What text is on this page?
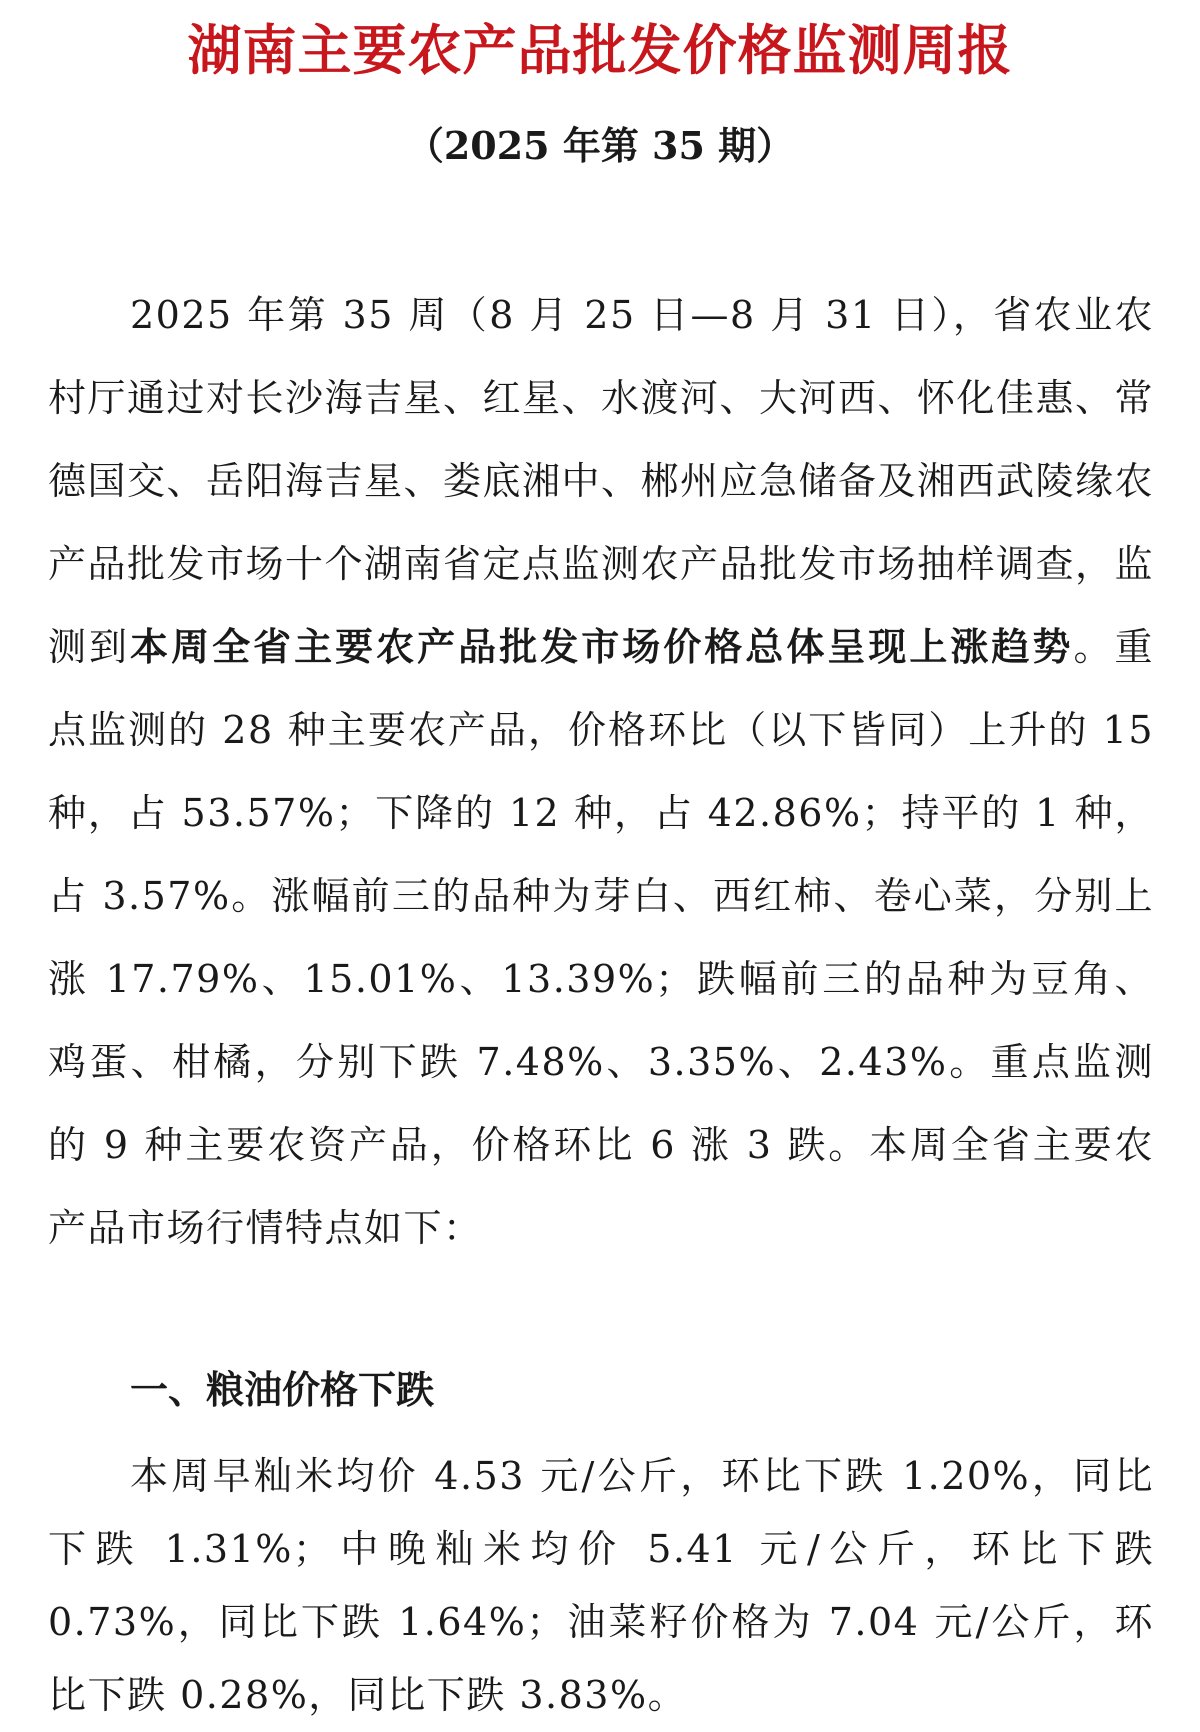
湖南主要农产品批发价格监测周报

（2025 年第 35 期）

2025 年第 35 周（8 月 25 日—8 月 31 日），省农业农村厅通过对长沙海吉星、红星、水渡河、大河西、怀化佳惠、常德国交、岳阳海吉星、娄底湘中、郴州应急储备及湘西武陵缘农产品批发市场十个湖南省定点监测农产品批发市场抽样调查，监测到本周全省主要农产品批发市场价格总体呈现上涨趋势。重点监测的 28 种主要农产品，价格环比（以下皆同）上升的 15 种，占 53.57%；下降的 12 种，占 42.86%；持平的 1 种，占 3.57%。涨幅前三的品种为芽白、西红柿、卷心菜，分别上涨 17.79%、15.01%、13.39%；跌幅前三的品种为豆角、鸡蛋、柑橘，分别下跌 7.48%、3.35%、2.43%。重点监测的 9 种主要农资产品，价格环比 6 涨 3 跌。本周全省主要农产品市场行情特点如下：

一、粮油价格下跌

本周早籼米均价 4.53 元/公斤，环比下跌 1.20%，同比下跌 1.31%；中晚籼米均价 5.41 元/公斤，环比下跌 0.73%，同比下跌 1.64%；油菜籽价格为 7.04 元/公斤，环比下跌 0.28%，同比下跌 3.83%。
